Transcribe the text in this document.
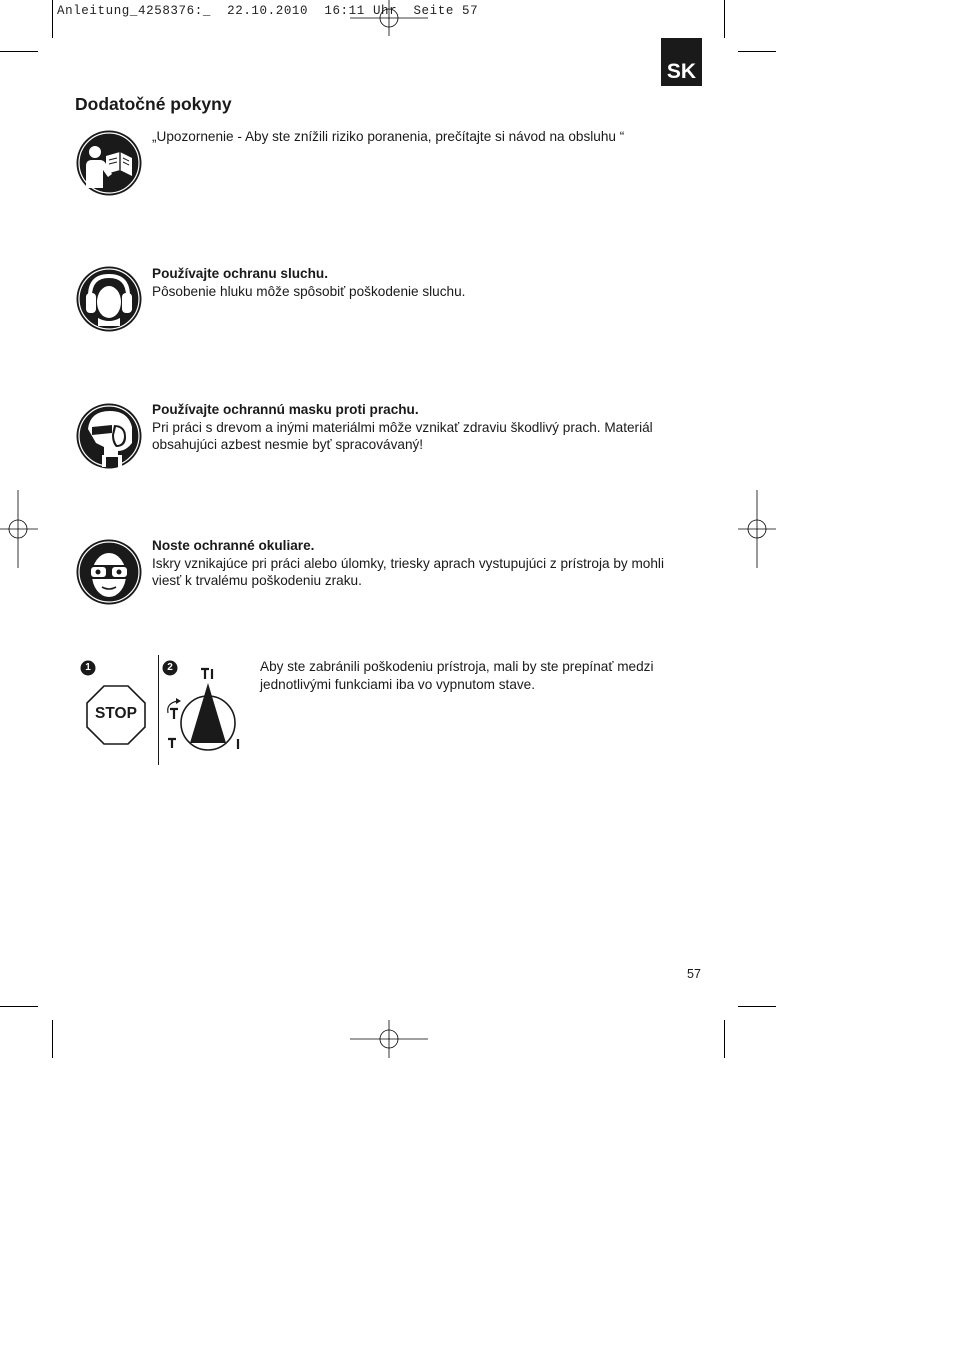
Anleitung_4258376:_  22.10.2010  16:11 Uhr  Seite 57
SK
Dodatočné pokyny
„Upozornenie - Aby ste znížili riziko poranenia, prečítajte si návod na obsluhu “
Používajte ochranu sluchu.
Pôsobenie hluku môže spôsobiť poškodenie sluchu.
Používajte ochrannú masku proti prachu.
Pri práci s drevom a inými materiálmi môže vznikať zdraviu škodlivý prach. Materiál obsahujúci azbest nesmie byť spracovávaný!
Noste ochranné okuliare.
Iskry vznikajúce pri práci alebo úlomky, triesky aprach vystupujúci z prístroja by mohli viesť k trvalému poškodeniu zraku.
1
STOP
2	Aby ste zabránili poškodeniu prístroja, mali by ste prepínať medzi jednotlivými funkciami iba vo vypnutom stave.
57
